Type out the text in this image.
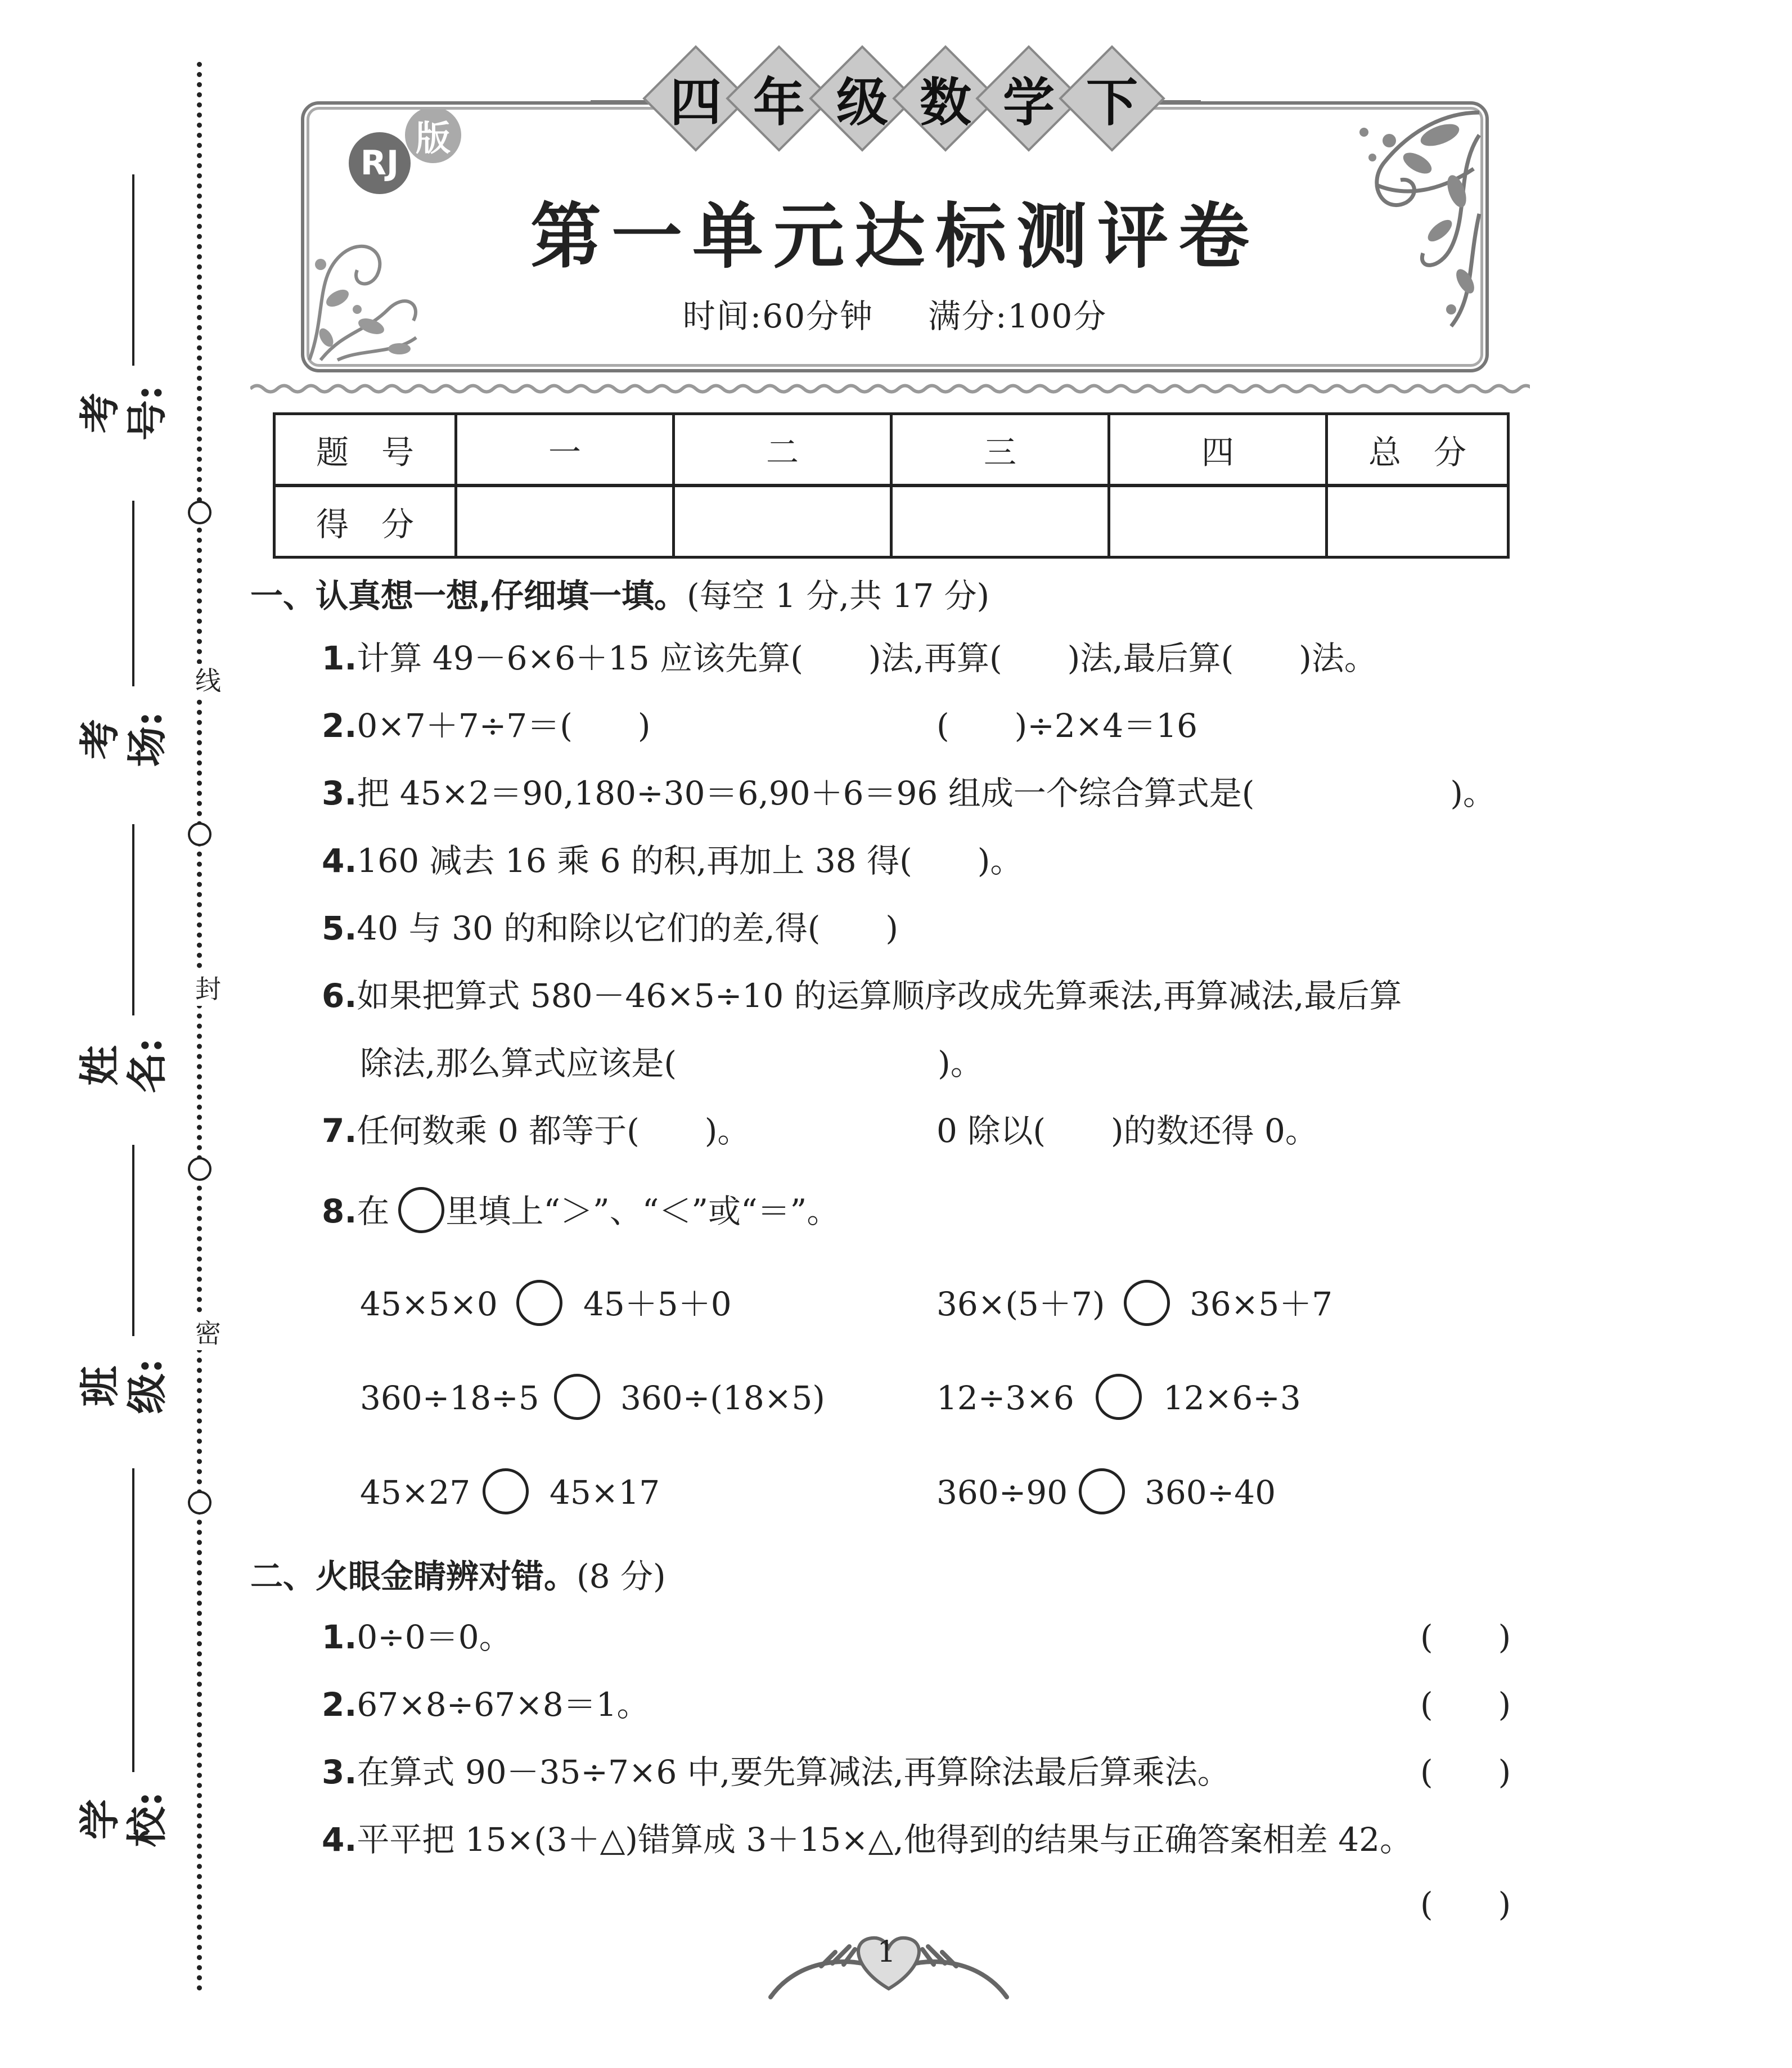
线
封
密
考号:
考场:
姓名:
班级:
学校:
四 年 级 数 学 下
RJ
版
第一单元达标测评卷
时间:60分钟 满分:100分
题　号	一	二	三	四	总　分
得　分					
一、认真想一想,仔细填一填。(每空 1 分,共 17 分)
1.计算 49－6×6＋15 应该先算(　　)法,再算(　　)法,最后算(　　)法。
2.0×7＋7÷7＝(　　)	(　　)÷2×4＝16
3.把 45×2＝90,180÷30＝6,90＋6＝96 组成一个综合算式是(　　　　　　)。
4.160 减去 16 乘 6 的积,再加上 38 得(　　)。
5.40 与 30 的和除以它们的差,得(　　)
6.如果把算式 580－46×5÷10 的运算顺序改成先算乘法,再算减法,最后算
除法,那么算式应该是(　　　　　　　　)。
7.任何数乘 0 都等于(　　)。	0 除以(　　)的数还得 0。
8.在 里填上“＞”、“＜”或“＝”。
45×5×0	45＋5＋0	36×(5＋7)	36×5＋7
360÷18÷5 360÷(18×5)	12÷3×6	12×6÷3
45×27 45×17	360÷90 360÷40
二、火眼金睛辨对错。(8 分)
1.0÷0＝0。	(　　)
2.67×8÷67×8＝1。	(　　)
3.在算式 90－35÷7×6 中,要先算减法,再算除法最后算乘法。	(　　)
4.平平把 15×(3＋△)错算成 3＋15×△,他得到的结果与正确答案相差 42。
(　　)
1
